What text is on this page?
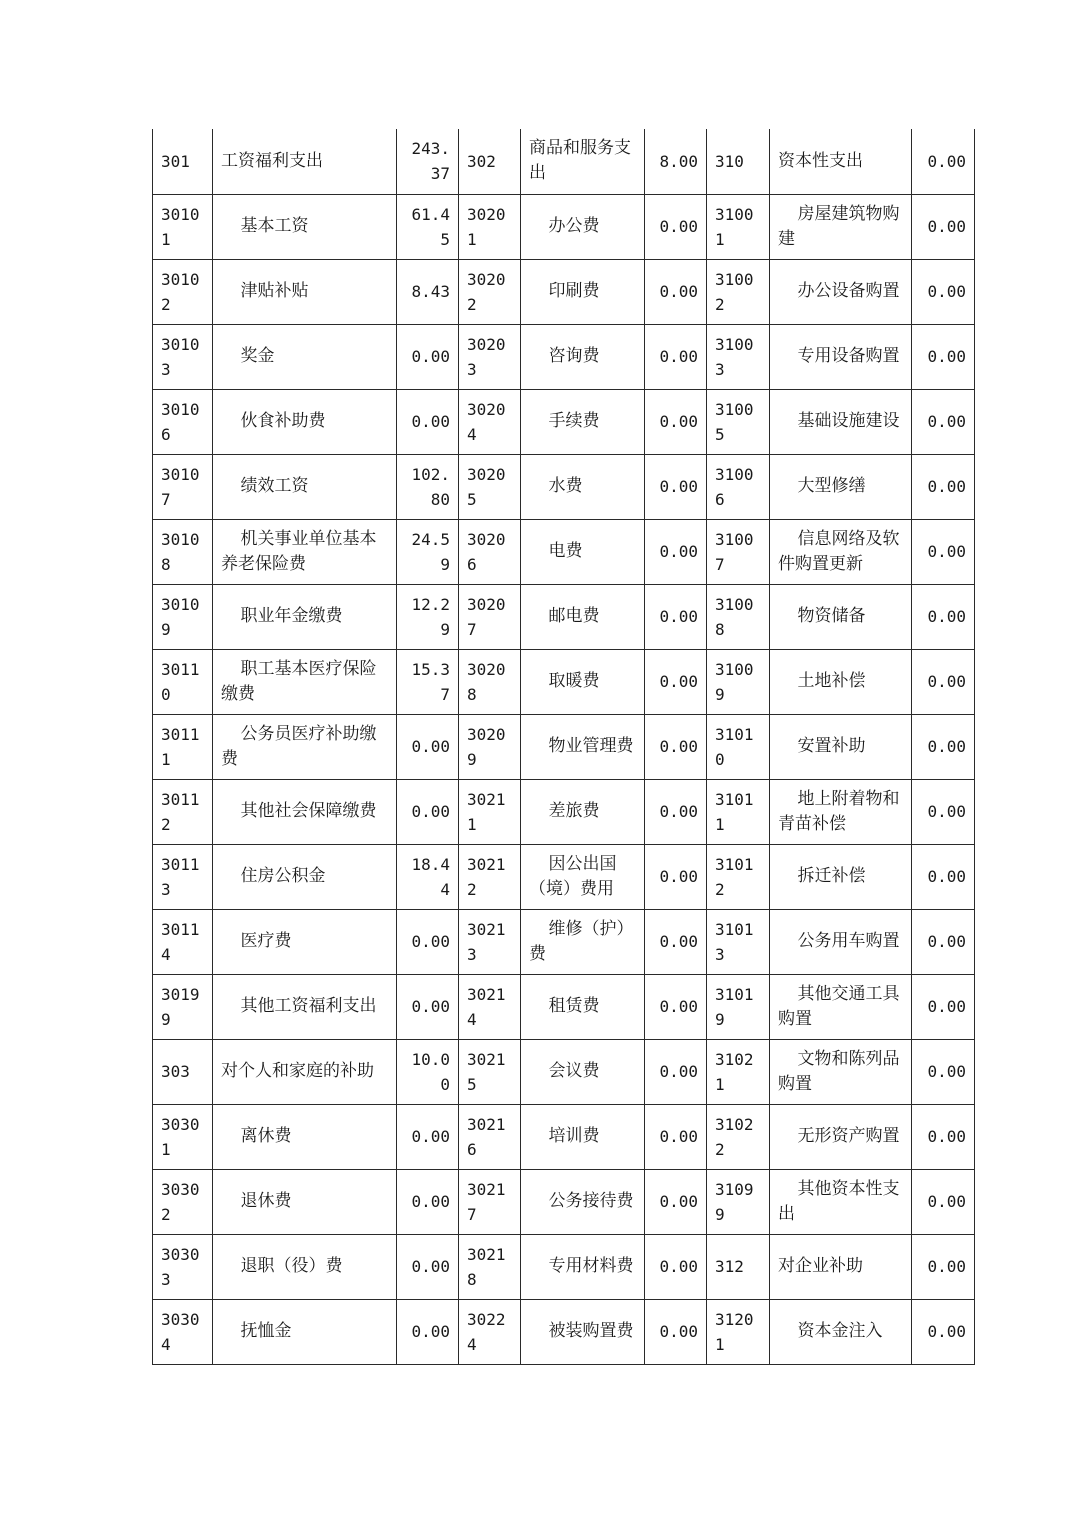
301	工资福利支出	243.37	302	商品和服务支出	8.00	310	资本性支出	0.00
30101	基本工资	61.45	30201	办公费	0.00	31001	房屋建筑物购建	0.00
30102	津贴补贴	8.43	30202	印刷费	0.00	31002	办公设备购置	0.00
30103	奖金	0.00	30203	咨询费	0.00	31003	专用设备购置	0.00
30106	伙食补助费	0.00	30204	手续费	0.00	31005	基础设施建设	0.00
30107	绩效工资	102.80	30205	水费	0.00	31006	大型修缮	0.00
30108	机关事业单位基本养老保险费	24.59	30206	电费	0.00	31007	信息网络及软件购置更新	0.00
30109	职业年金缴费	12.29	30207	邮电费	0.00	31008	物资储备	0.00
30110	职工基本医疗保险缴费	15.37	30208	取暖费	0.00	31009	土地补偿	0.00
30111	公务员医疗补助缴费	0.00	30209	物业管理费	0.00	31010	安置补助	0.00
30112	其他社会保障缴费	0.00	30211	差旅费	0.00	31011	地上附着物和青苗补偿	0.00
30113	住房公积金	18.44	30212	因公出国（境）费用	0.00	31012	拆迁补偿	0.00
30114	医疗费	0.00	30213	维修（护）费	0.00	31013	公务用车购置	0.00
30199	其他工资福利支出	0.00	30214	租赁费	0.00	31019	其他交通工具购置	0.00
303	对个人和家庭的补助	10.00	30215	会议费	0.00	31021	文物和陈列品购置	0.00
30301	离休费	0.00	30216	培训费	0.00	31022	无形资产购置	0.00
30302	退休费	0.00	30217	公务接待费	0.00	31099	其他资本性支出	0.00
30303	退职（役）费	0.00	30218	专用材料费	0.00	312	对企业补助	0.00
30304	抚恤金	0.00	30224	被装购置费	0.00	31201	资本金注入	0.00
